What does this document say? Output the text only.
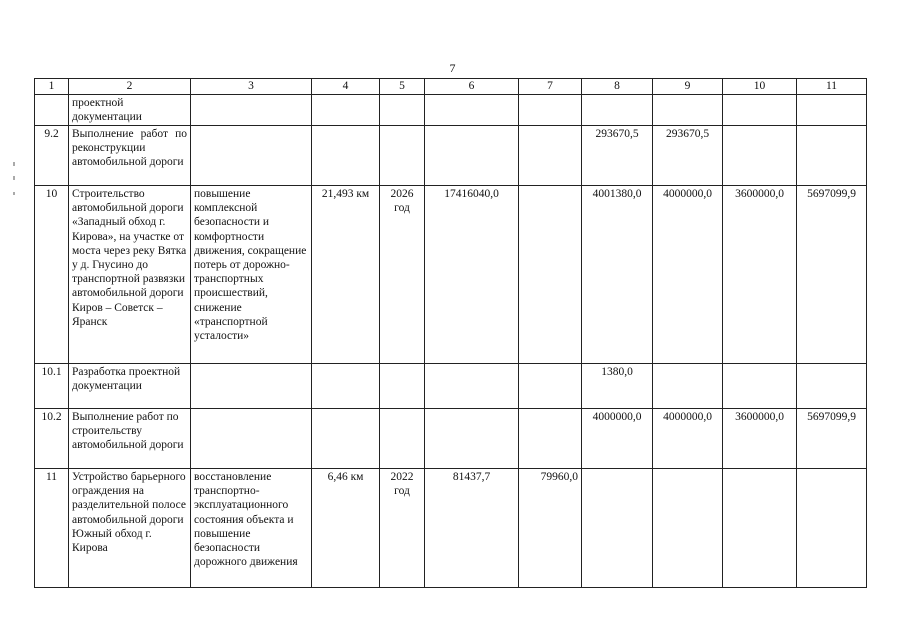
7
1	2	3	4	5	6	7	8	9	10	11
	проектной документации									
9.2	Выполнение работ по реконструкции автомобильной дороги						293670,5	293670,5		
10	Строительство автомобильной дороги «Западный обход г. Кирова», на участке от моста через реку Вятка у д. Гнусино до транспортной развязки автомобильной дороги Киров – Советск – Яранск	повышение комплексной безопасности и комфортности движения, сокращение потерь от дорожно-транспортных происшествий, снижение «транспортной усталости»	21,493 км	2026 год	17416040,0		4001380,0	4000000,0	3600000,0	5697099,9
10.1	Разработка проектной документации						1380,0			
10.2	Выполнение работ по строительству автомобильной дороги						4000000,0	4000000,0	3600000,0	5697099,9
11	Устройство барьерного ограждения на разделительной полосе автомобильной дороги Южный обход г. Кирова	восстановление транспортно-эксплуатационного состояния объекта и повышение безопасности дорожного движения	6,46 км	2022 год	81437,7	79960,0				
